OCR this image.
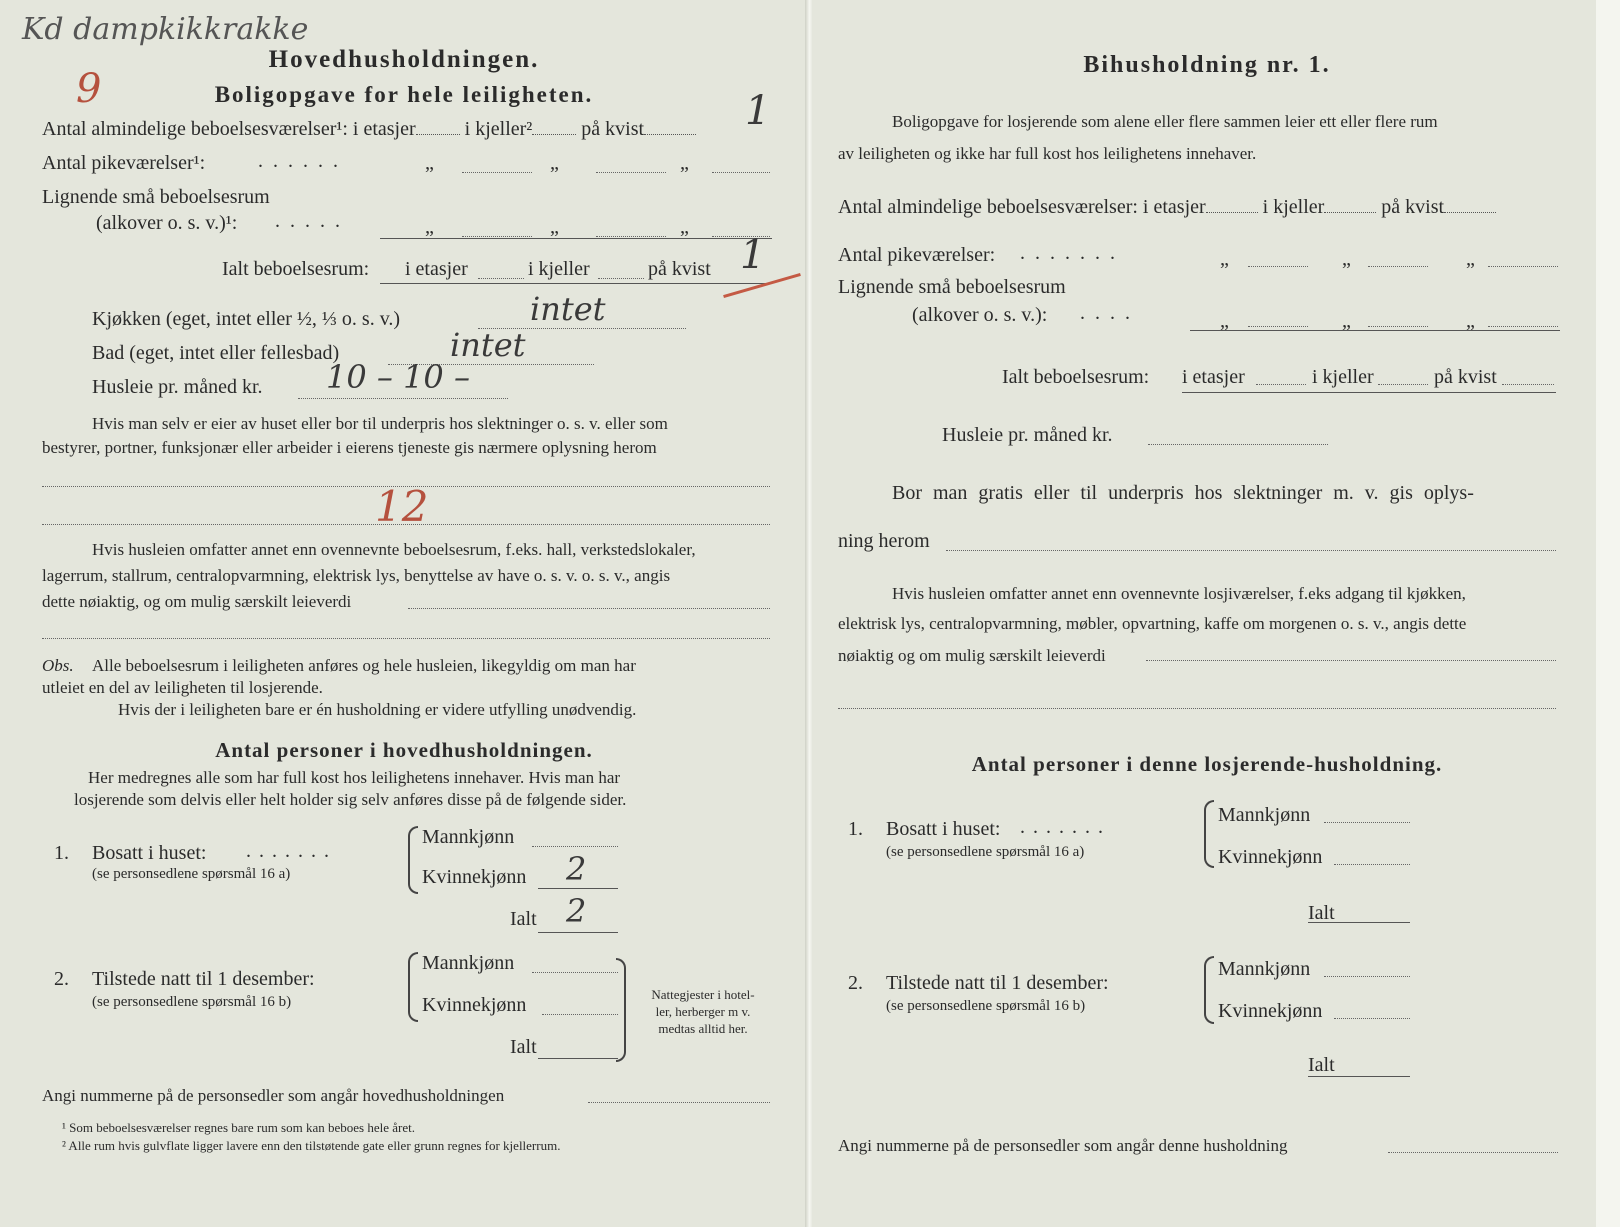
Kd dampkikkrakke
9
Hovedhusholdningen.
Boligopgave for hele leiligheten.
Antal almindelige beboelsesværelser¹: i etasjer i kjeller² på kvist	1
Antal pikeværelser¹:	......	„	„	„
Lignende små beboelsesrum
(alkover o. s. v.)¹: .....	„	„	„
Ialt beboelsesrum: i etasjer	i kjeller	på kvist 1
Kjøkken (eget, intet eller ½, ⅓ o. s. v.)	intet
Bad (eget, intet eller fellesbad)	intet
Husleie pr. måned kr. 10 – 10 –
Hvis man selv er eier av huset eller bor til underpris hos slektninger o. s. v. eller som
bestyrer, portner, funksjonær eller arbeider i eierens tjeneste gis nærmere oplysning herom
12
Hvis husleien omfatter annet enn ovennevnte beboelsesrum, f.eks. hall, verkstedslokaler,
lagerrum, stallrum, centralopvarmning, elektrisk lys, benyttelse av have o. s. v. o. s. v., angis
dette nøiaktig, og om mulig særskilt leieverdi
Obs. Alle beboelsesrum i leiligheten anføres og hele husleien, likegyldig om man har
utleiet en del av leiligheten til losjerende.
Hvis der i leiligheten bare er én husholdning er videre utfylling unødvendig.
Antal personer i hovedhusholdningen.
Her medregnes alle som har full kost hos leilighetens innehaver. Hvis man har
losjerende som delvis eller helt holder sig selv anføres disse på de følgende sider.
1. Bosatt i huset: .......
(se personsedlene spørsmål 16 a)
Mannkjønn
Kvinnekjønn 2
Ialt 2
2. Tilstede natt til 1 desember:
(se personsedlene spørsmål 16 b)
Mannkjønn
Kvinnekjønn
Ialt
Nattegjester i hotel-
ler, herberger m v.
medtas alltid her.
Angi nummerne på de personsedler som angår hovedhusholdningen
¹ Som beboelsesværelser regnes bare rum som kan beboes hele året.
² Alle rum hvis gulvflate ligger lavere enn den tilstøtende gate eller grunn regnes for kjellerrum.
Bihusholdning nr. 1.
Boligopgave for losjerende som alene eller flere sammen leier ett eller flere rum
av leiligheten og ikke har full kost hos leilighetens innehaver.
Antal almindelige beboelsesværelser: i etasjer	i kjeller	på kvist
Antal pikeværelser: .......	„	„	„
Lignende små beboelsesrum
(alkover o. s. v.): ....	„	„	„
Ialt beboelsesrum: i etasjer	i kjeller	på kvist
Husleie pr. måned kr.
Bor man gratis eller til underpris hos slektninger m. v. gis oplys-
ning herom
Hvis husleien omfatter annet enn ovennevnte losjiværelser, f.eks adgang til kjøkken,
elektrisk lys, centralopvarmning, møbler, opvartning, kaffe om morgenen o. s. v., angis dette
nøiaktig og om mulig særskilt leieverdi
Antal personer i denne losjerende-husholdning.
1. Bosatt i huset: .......
(se personsedlene spørsmål 16 a)
Mannkjønn
Kvinnekjønn
Ialt
2. Tilstede natt til 1 desember:
(se personsedlene spørsmål 16 b)
Mannkjønn
Kvinnekjønn
Ialt
Angi nummerne på de personsedler som angår denne husholdning
